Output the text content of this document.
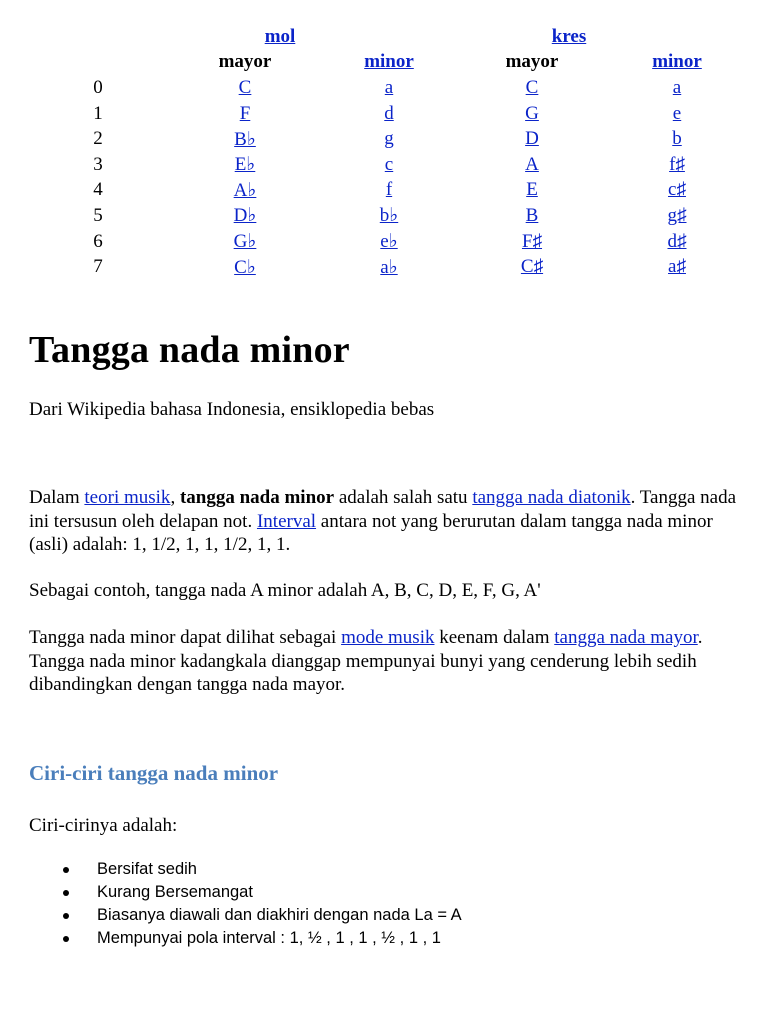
	mol		kres	
	mayor	minor	mayor	minor
0	C	a	C	a
1	F	d	G	e
2	B♭	g	D	b
3	E♭	c	A	f♯
4	A♭	f	E	c♯
5	D♭	b♭	B	g♯
6	G♭	e♭	F♯	d♯
7	C♭	a♭	C♯	a♯
Tangga nada minor

Dari Wikipedia bahasa Indonesia, ensiklopedia bebas

Dalam teori musik, tangga nada minor adalah salah satu tangga nada diatonik. Tangga nada ini tersusun oleh delapan not. Interval antara not yang berurutan dalam tangga nada minor (asli) adalah: 1, 1/2, 1, 1, 1/2, 1, 1.

Sebagai contoh, tangga nada A minor adalah A, B, C, D, E, F, G, A'

Tangga nada minor dapat dilihat sebagai mode musik keenam dalam tangga nada mayor. Tangga nada minor kadangkala dianggap mempunyai bunyi yang cenderung lebih sedih dibandingkan dengan tangga nada mayor.

Ciri-ciri tangga nada minor

Ciri-cirinya adalah:

Bersifat sedih
Kurang Bersemangat
Biasanya diawali dan diakhiri dengan nada La = A
Mempunyai pola interval : 1, ½ , 1 , 1 , ½ , 1 , 1
